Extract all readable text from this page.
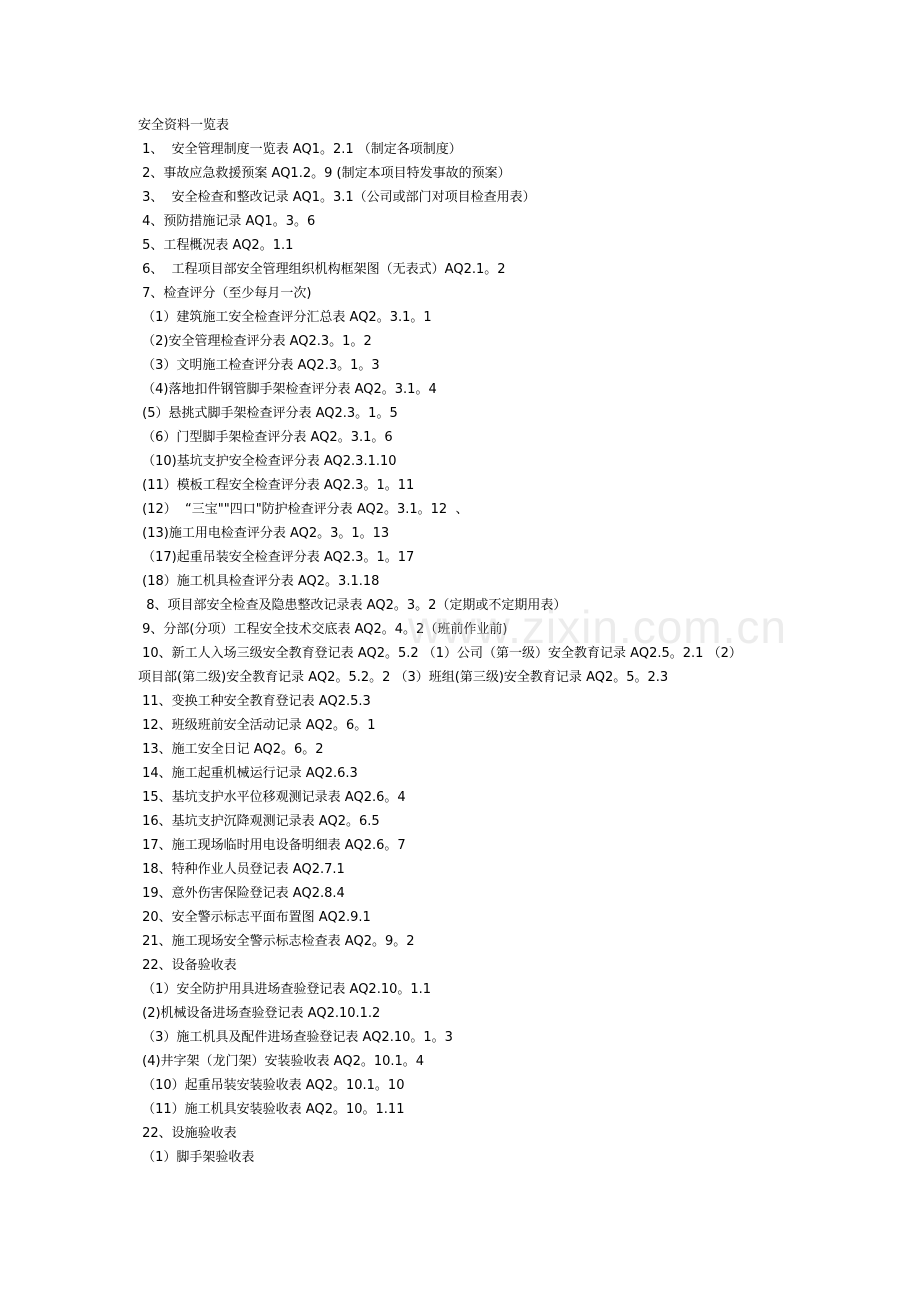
安全资料一览表
1、  安全管理制度一览表 AQ1。2.1 （制定各项制度）
2、事故应急救援预案 AQ1.2。9 (制定本项目特发事故的预案）
3、  安全检查和整改记录 AQ1。3.1（公司或部门对项目检查用表）
4、预防措施记录 AQ1。3。6
5、工程概况表 AQ2。1.1
6、  工程项目部安全管理组织机构框架图（无表式）AQ2.1。2
7、检查评分（至少每月一次)
（1）建筑施工安全检查评分汇总表 AQ2。3.1。1
（2)安全管理检查评分表 AQ2.3。1。2
（3）文明施工检查评分表 AQ2.3。1。3
（4)落地扣件钢管脚手架检查评分表 AQ2。3.1。4
(5）悬挑式脚手架检查评分表 AQ2.3。1。5
（6）门型脚手架检查评分表 AQ2。3.1。6
（10)基坑支护安全检查评分表 AQ2.3.1.10
(11）模板工程安全检查评分表 AQ2.3。1。11
(12）  “三宝""四口"防护检查评分表 AQ2。3.1。12  、
(13)施工用电检查评分表 AQ2。3。1。13
（17)起重吊装安全检查评分表 AQ2.3。1。17
(18）施工机具检查评分表 AQ2。3.1.18
8、项目部安全检查及隐患整改记录表 AQ2。3。2（定期或不定期用表）
9、分部(分项）工程安全技术交底表 AQ2。4。2（班前作业前)
10、新工人入场三级安全教育登记表 AQ2。5.2 （1）公司（第一级）安全教育记录 AQ2.5。2.1 （2）
项目部(第二级)安全教育记录 AQ2。5.2。2 （3）班组(第三级)安全教育记录 AQ2。5。2.3
11、变换工种安全教育登记表 AQ2.5.3
12、班级班前安全活动记录 AQ2。6。1
13、施工安全日记 AQ2。6。2
14、施工起重机械运行记录 AQ2.6.3
15、基坑支护水平位移观测记录表 AQ2.6。4
16、基坑支护沉降观测记录表 AQ2。6.5
17、施工现场临时用电设备明细表 AQ2.6。7
18、特种作业人员登记表 AQ2.7.1
19、意外伤害保险登记表 AQ2.8.4
20、安全警示标志平面布置图 AQ2.9.1
21、施工现场安全警示标志检查表 AQ2。9。2
22、设备验收表
（1）安全防护用具进场查验登记表 AQ2.10。1.1
(2)机械设备进场查验登记表 AQ2.10.1.2
（3）施工机具及配件进场查验登记表 AQ2.10。1。3
(4)井字架（龙门架）安装验收表 AQ2。10.1。4
（10）起重吊装安装验收表 AQ2。10.1。10
（11）施工机具安装验收表 AQ2。10。1.11
22、设施验收表
（1）脚手架验收表
www.zixin.com.cn
